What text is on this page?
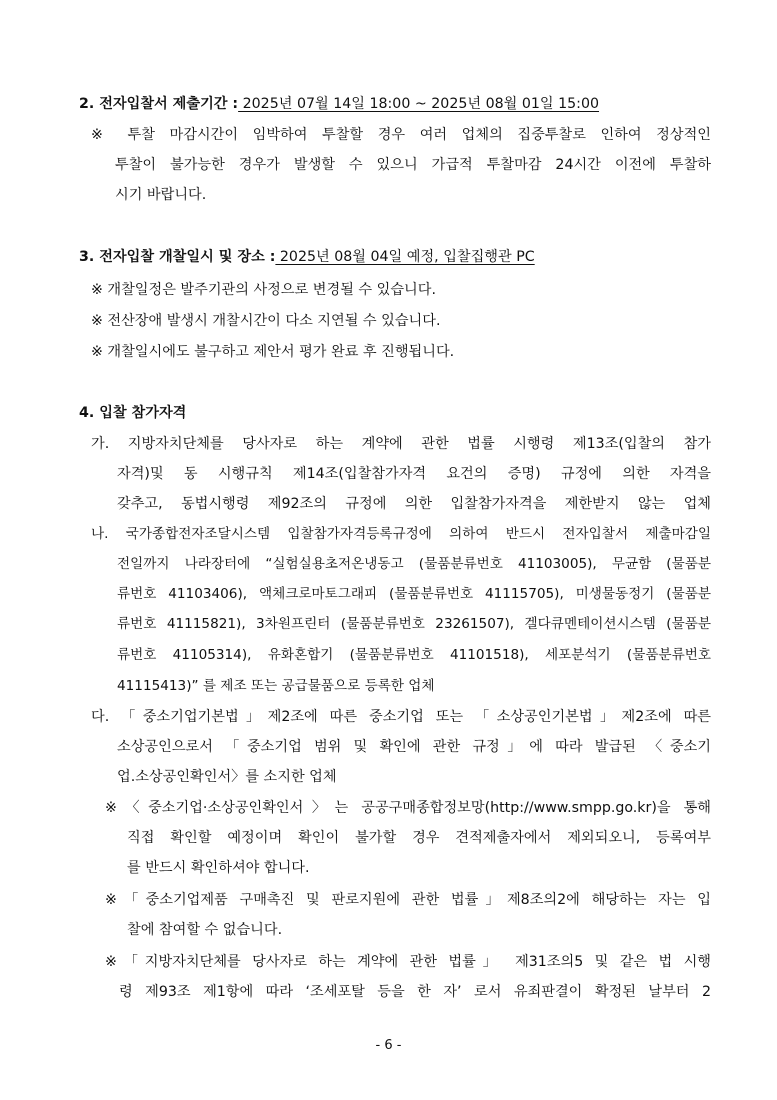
2. 전자입찰서 제출기간 : 2025년 07월 14일 18:00 ~ 2025년 08월 01일 15:00
※ 투찰 마감시간이 임박하여 투찰할 경우 여러 업체의 집중투찰로 인하여 정상적인
투찰이 불가능한 경우가 발생할 수 있으니 가급적 투찰마감 24시간 이전에 투찰하
시기 바랍니다.
3. 전자입찰 개찰일시 및 장소 : 2025년 08월 04일 예정, 입찰집행관 PC
※ 개찰일정은 발주기관의 사정으로 변경될 수 있습니다.
※ 전산장애 발생시 개찰시간이 다소 지연될 수 있습니다.
※ 개찰일시에도 불구하고 제안서 평가 완료 후 진행됩니다.
4. 입찰 참가자격
가. 지방자치단체를 당사자로 하는 계약에 관한 법률 시행령 제13조(입찰의 참가
자격)및 동 시행규칙 제14조(입찰참가자격 요건의 증명) 규정에 의한 자격을
갖추고, 동법시행령 제92조의 규정에 의한 입찰참가자격을 제한받지 않는 업체
나. 국가종합전자조달시스템 입찰참가자격등록규정에 의하여 반드시 전자입찰서 제출마감일
전일까지 나라장터에 “실험실용초저온냉동고 (물품분류번호 41103005), 무균함 (물품분
류번호 41103406), 액체크로마토그래피 (물품분류번호 41115705), 미생물동정기 (물품분
류번호 41115821), 3차원프린터 (물품분류번호 23261507), 겔다큐멘테이션시스템 (물품분
류번호 41105314), 유화혼합기 (물품분류번호 41101518), 세포분석기 (물품분류번호
41115413)” 를 제조 또는 공급물품으로 등록한 업체
다. 「중소기업기본법」제2조에 따른 중소기업 또는 「소상공인기본법」제2조에 따른
소상공인으로서 「중소기업 범위 및 확인에 관한 규정」에 따라 발급된 〈중소기
업.소상공인확인서〉를 소지한 업체
※〈중소기업·소상공인확인서〉는 공공구매종합정보망(http://www.smpp.go.kr)을 통해
직접 확인할 예정이며 확인이 불가할 경우 견적제출자에서 제외되오니, 등록여부
를 반드시 확인하셔야 합니다.
※「중소기업제품 구매촉진 및 판로지원에 관한 법률」제8조의2에 해당하는 자는 입
찰에 참여할 수 없습니다.
※「지방자치단체를 당사자로 하는 계약에 관한 법률」 제31조의5 및 같은 법 시행
령 제93조 제1항에 따라 ‘조세포탈 등을 한 자’ 로서 유죄판결이 확정된 날부터 2
- 6 -
